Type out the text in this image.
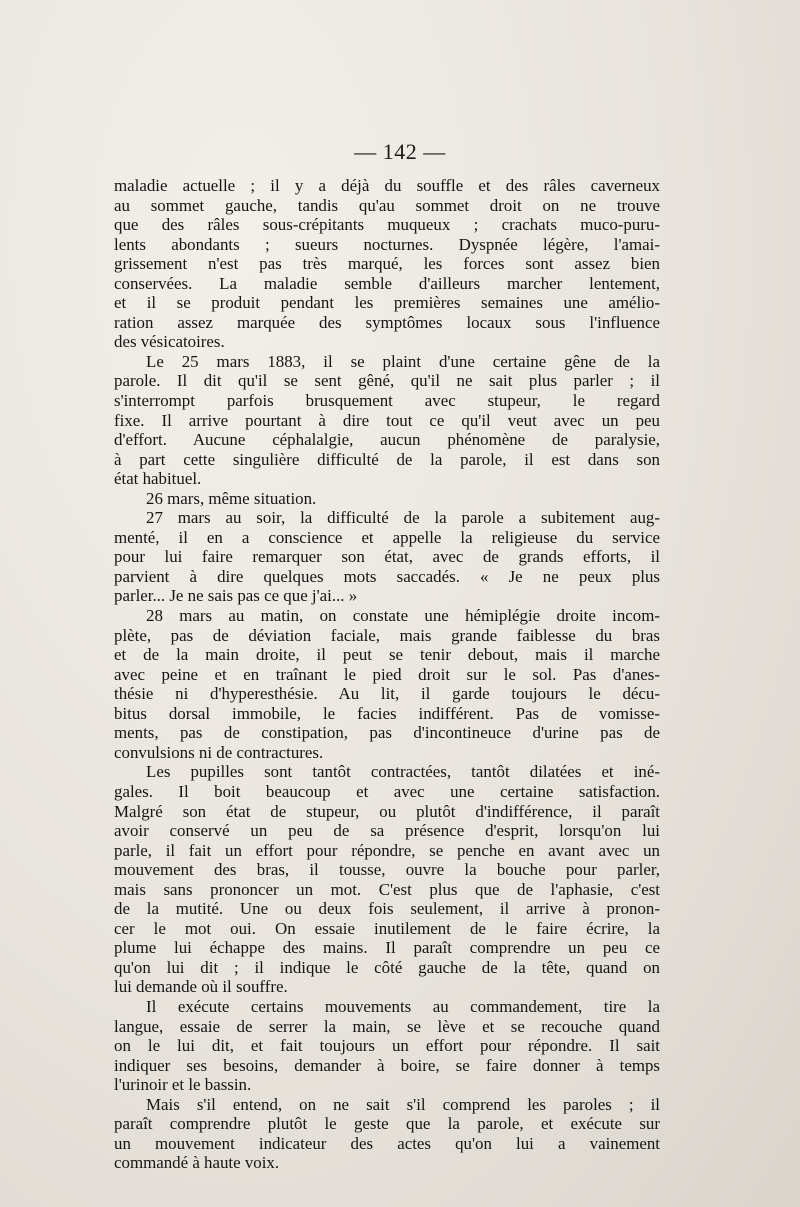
— 142 —
maladie actuelle ; il y a déjà du souffle et des râles caverneux
au sommet gauche, tandis qu'au sommet droit on ne trouve
que des râles sous-crépitants muqueux ; crachats muco-puru-
lents abondants ; sueurs nocturnes. Dyspnée légère, l'amai-
grissement n'est pas très marqué, les forces sont assez bien
conservées. La maladie semble d'ailleurs marcher lentement,
et il se produit pendant les premières semaines une amélio-
ration assez marquée des symptômes locaux sous l'influence
des vésicatoires.
Le 25 mars 1883, il se plaint d'une certaine gêne de la
parole. Il dit qu'il se sent gêné, qu'il ne sait plus parler ; il
s'interrompt parfois brusquement avec stupeur, le regard
fixe. Il arrive pourtant à dire tout ce qu'il veut avec un peu
d'effort. Aucune céphalalgie, aucun phénomène de paralysie,
à part cette singulière difficulté de la parole, il est dans son
état habituel.
26 mars, même situation.
27 mars au soir, la difficulté de la parole a subitement aug-
menté, il en a conscience et appelle la religieuse du service
pour lui faire remarquer son état, avec de grands efforts, il
parvient à dire quelques mots saccadés. « Je ne peux plus
parler... Je ne sais pas ce que j'ai... »
28 mars au matin, on constate une hémiplégie droite incom-
plète, pas de déviation faciale, mais grande faiblesse du bras
et de la main droite, il peut se tenir debout, mais il marche
avec peine et en traînant le pied droit sur le sol. Pas d'anes-
thésie ni d'hyperesthésie. Au lit, il garde toujours le décu-
bitus dorsal immobile, le facies indifférent. Pas de vomisse-
ments, pas de constipation, pas d'incontineuce d'urine pas de
convulsions ni de contractures.
Les pupilles sont tantôt contractées, tantôt dilatées et iné-
gales. Il boit beaucoup et avec une certaine satisfaction.
Malgré son état de stupeur, ou plutôt d'indifférence, il paraît
avoir conservé un peu de sa présence d'esprit, lorsqu'on lui
parle, il fait un effort pour répondre, se penche en avant avec un
mouvement des bras, il tousse, ouvre la bouche pour parler,
mais sans prononcer un mot. C'est plus que de l'aphasie, c'est
de la mutité. Une ou deux fois seulement, il arrive à pronon-
cer le mot oui. On essaie inutilement de le faire écrire, la
plume lui échappe des mains. Il paraît comprendre un peu ce
qu'on lui dit ; il indique le côté gauche de la tête, quand on
lui demande où il souffre.
Il exécute certains mouvements au commandement, tire la
langue, essaie de serrer la main, se lève et se recouche quand
on le lui dit, et fait toujours un effort pour répondre. Il sait
indiquer ses besoins, demander à boire, se faire donner à temps
l'urinoir et le bassin.
Mais s'il entend, on ne sait s'il comprend les paroles ; il
paraît comprendre plutôt le geste que la parole, et exécute sur
un mouvement indicateur des actes qu'on lui a vainement
commandé à haute voix.
